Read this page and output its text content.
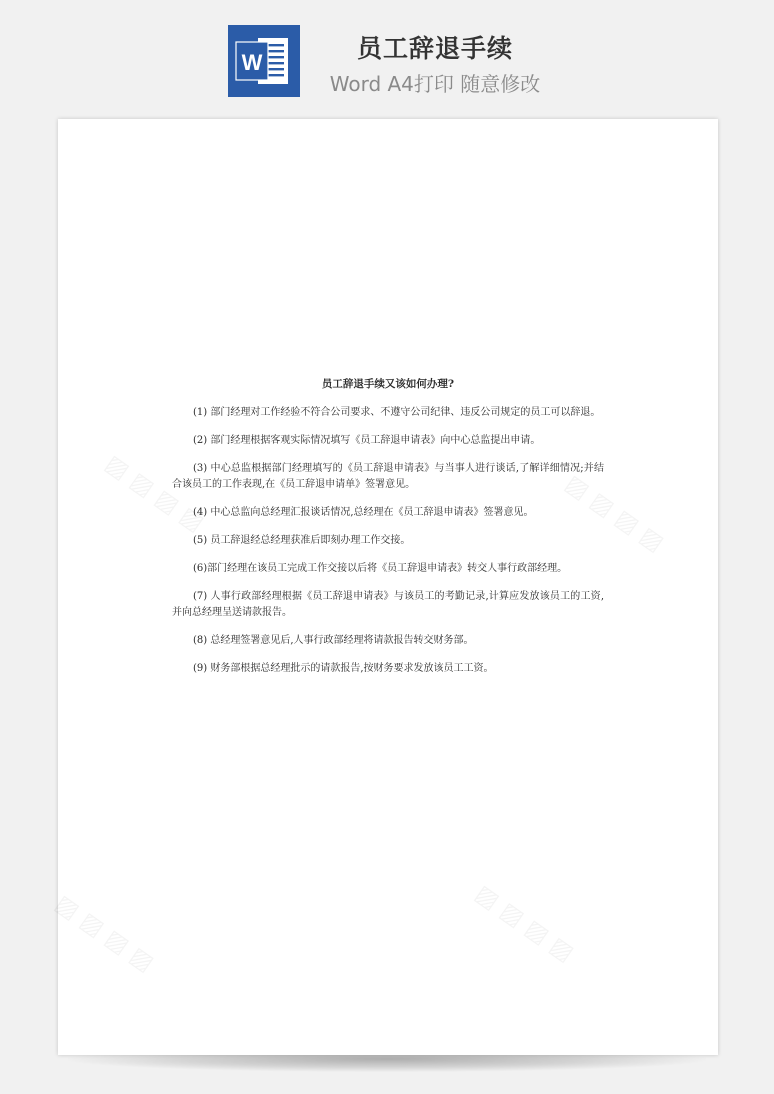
W	员工辞退手续
Word A4打印 随意修改
员工辞退手续又该如何办理?

(1) 部门经理对工作经验不符合公司要求、不遵守公司纪律、违反公司规定的员工可以辞退。

(2) 部门经理根据客观实际情况填写《员工辞退申请表》向中心总监提出申请。

(3) 中心总监根据部门经理填写的《员工辞退申请表》与当事人进行谈话,了解详细情况;并结合该员工的工作表现,在《员工辞退申请单》签署意见。

(4) 中心总监向总经理汇报谈话情况,总经理在《员工辞退申请表》签署意见。

(5) 员工辞退经总经理获准后即刻办理工作交接。

(6)部门经理在该员工完成工作交接以后将《员工辞退申请表》转交人事行政部经理。

(7) 人事行政部经理根据《员工辞退申请表》与该员工的考勤记录,计算应发放该员工的工资,并向总经理呈送请款报告。

(8) 总经理签署意见后,人事行政部经理将请款报告转交财务部。

(9) 财务部根据总经理批示的请款报告,按财务要求发放该员工工资。
